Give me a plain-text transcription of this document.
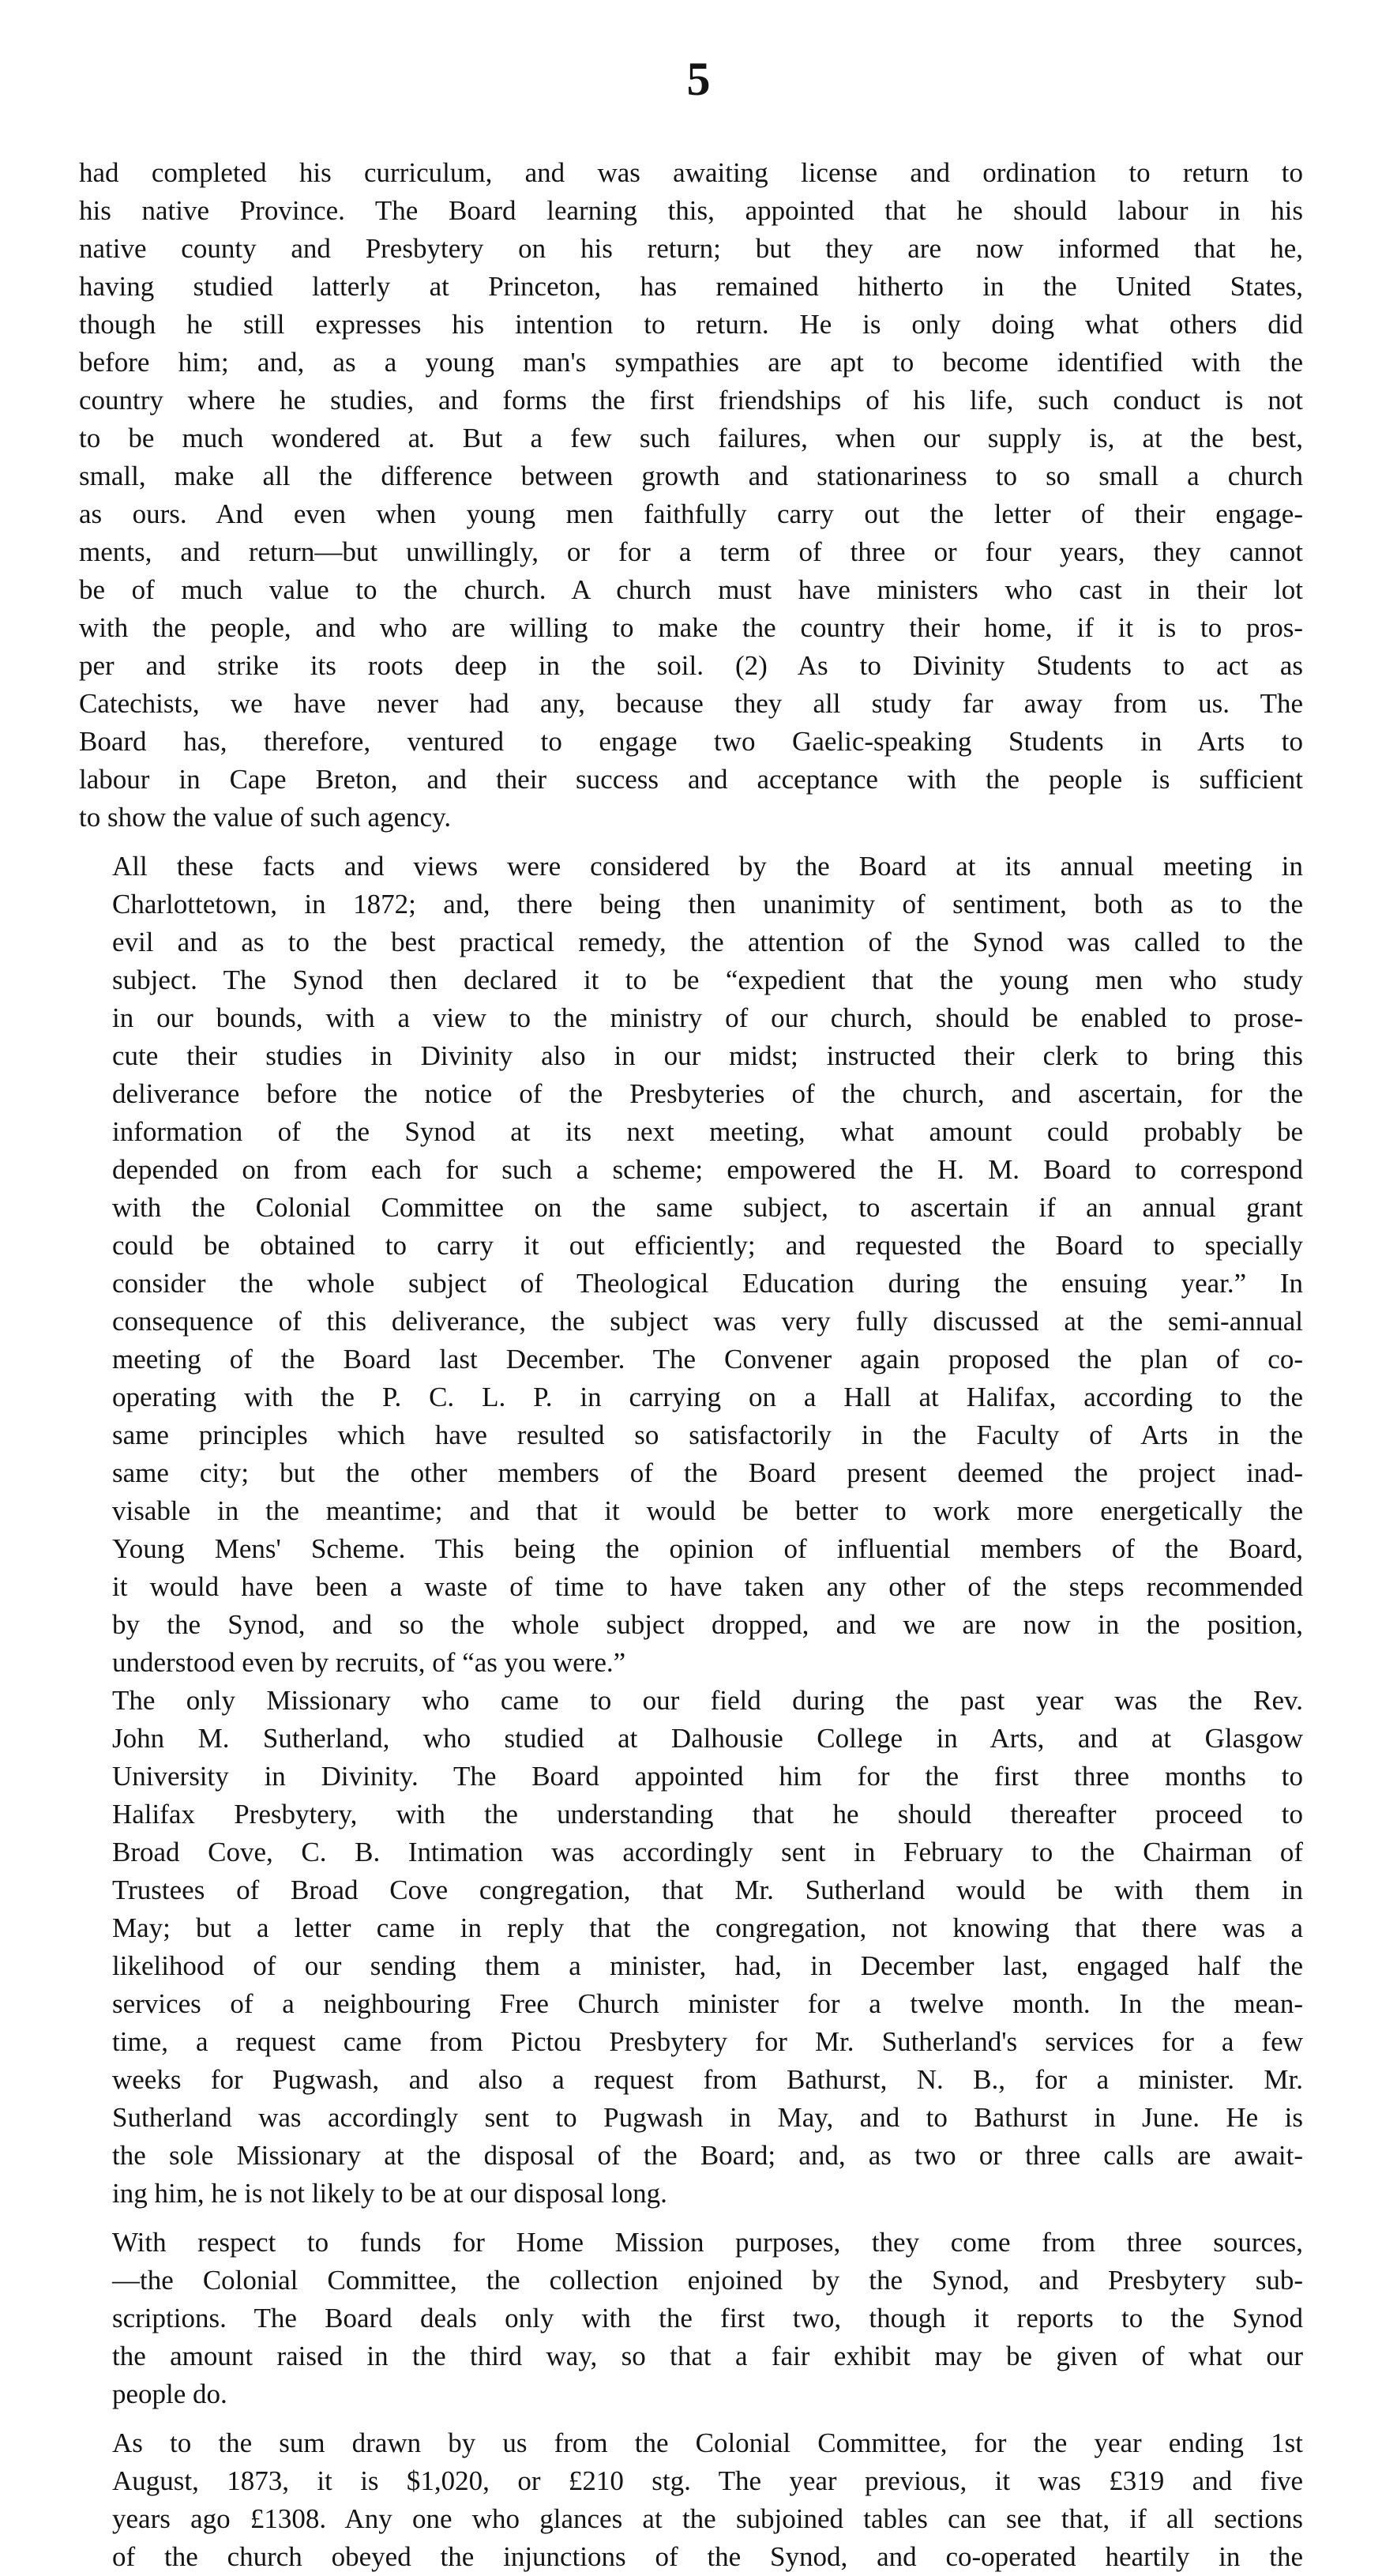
5

had completed his curriculum, and was awaiting license and ordination to return to
his native Province. The Board learning this, appointed that he should labour in his
native county and Presbytery on his return; but they are now informed that he,
having studied latterly at Princeton, has remained hitherto in the United States,
though he still expresses his intention to return. He is only doing what others did
before him; and, as a young man's sympathies are apt to become identified with the
country where he studies, and forms the first friendships of his life, such conduct is not
to be much wondered at. But a few such failures, when our supply is, at the best,
small, make all the difference between growth and stationariness to so small a church
as ours. And even when young men faithfully carry out the letter of their engage-
ments, and return—but unwillingly, or for a term of three or four years, they cannot
be of much value to the church. A church must have ministers who cast in their lot
with the people, and who are willing to make the country their home, if it is to pros-
per and strike its roots deep in the soil. (2) As to Divinity Students to act as
Catechists, we have never had any, because they all study far away from us. The
Board has, therefore, ventured to engage two Gaelic-speaking Students in Arts to
labour in Cape Breton, and their success and acceptance with the people is sufficient
to show the value of such agency.

All these facts and views were considered by the Board at its annual meeting in
Charlottetown, in 1872; and, there being then unanimity of sentiment, both as to the
evil and as to the best practical remedy, the attention of the Synod was called to the
subject. The Synod then declared it to be “expedient that the young men who study
in our bounds, with a view to the ministry of our church, should be enabled to prose-
cute their studies in Divinity also in our midst; instructed their clerk to bring this
deliverance before the notice of the Presbyteries of the church, and ascertain, for the
information of the Synod at its next meeting, what amount could probably be
depended on from each for such a scheme; empowered the H. M. Board to correspond
with the Colonial Committee on the same subject, to ascertain if an annual grant
could be obtained to carry it out efficiently; and requested the Board to specially
consider the whole subject of Theological Education during the ensuing year.” In
consequence of this deliverance, the subject was very fully discussed at the semi-annual
meeting of the Board last December. The Convener again proposed the plan of co-
operating with the P. C. L. P. in carrying on a Hall at Halifax, according to the
same principles which have resulted so satisfactorily in the Faculty of Arts in the
same city; but the other members of the Board present deemed the project inad-
visable in the meantime; and that it would be better to work more energetically the
Young Mens' Scheme. This being the opinion of influential members of the Board,
it would have been a waste of time to have taken any other of the steps recommended
by the Synod, and so the whole subject dropped, and we are now in the position,
understood even by recruits, of “as you were.”

The only Missionary who came to our field during the past year was the Rev.
John M. Sutherland, who studied at Dalhousie College in Arts, and at Glasgow
University in Divinity. The Board appointed him for the first three months to
Halifax Presbytery, with the understanding that he should thereafter proceed to
Broad Cove, C. B. Intimation was accordingly sent in February to the Chairman of
Trustees of Broad Cove congregation, that Mr. Sutherland would be with them in
May; but a letter came in reply that the congregation, not knowing that there was a
likelihood of our sending them a minister, had, in December last, engaged half the
services of a neighbouring Free Church minister for a twelve month. In the mean-
time, a request came from Pictou Presbytery for Mr. Sutherland's services for a few
weeks for Pugwash, and also a request from Bathurst, N. B., for a minister. Mr.
Sutherland was accordingly sent to Pugwash in May, and to Bathurst in June. He is
the sole Missionary at the disposal of the Board; and, as two or three calls are await-
ing him, he is not likely to be at our disposal long.

With respect to funds for Home Mission purposes, they come from three sources,
—the Colonial Committee, the collection enjoined by the Synod, and Presbytery sub-
scriptions. The Board deals only with the first two, though it reports to the Synod
the amount raised in the third way, so that a fair exhibit may be given of what our
people do.

As to the sum drawn by us from the Colonial Committee, for the year ending 1st
August, 1873, it is $1,020, or £210 stg. The year previous, it was £319 and five
years ago £1308. Any one who glances at the subjoined tables can see that, if all sections
of the church obeyed the injunctions of the Synod, and co-operated heartily in the
